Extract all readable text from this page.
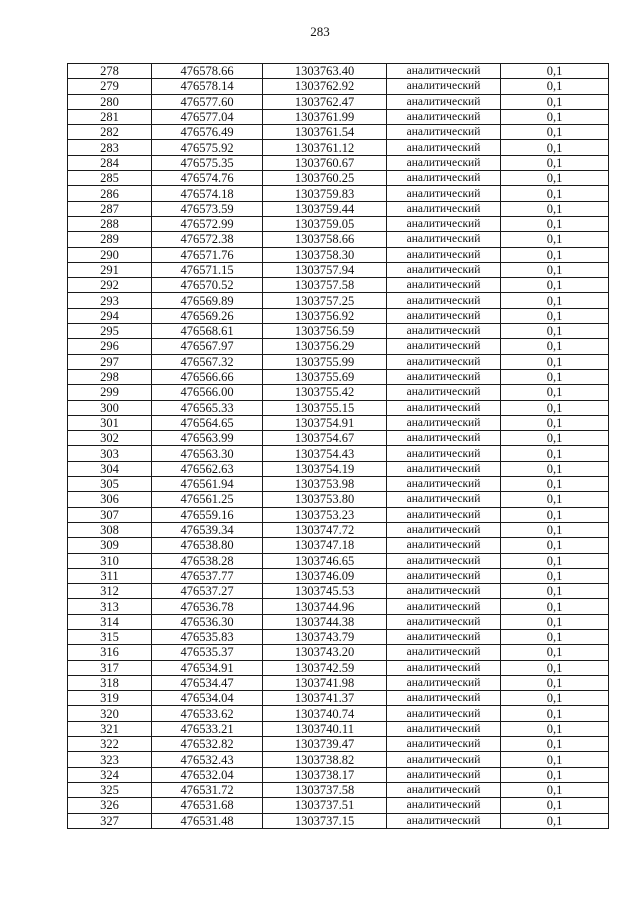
283
278	476578.66	1303763.40	аналитический	0,1
279	476578.14	1303762.92	аналитический	0,1
280	476577.60	1303762.47	аналитический	0,1
281	476577.04	1303761.99	аналитический	0,1
282	476576.49	1303761.54	аналитический	0,1
283	476575.92	1303761.12	аналитический	0,1
284	476575.35	1303760.67	аналитический	0,1
285	476574.76	1303760.25	аналитический	0,1
286	476574.18	1303759.83	аналитический	0,1
287	476573.59	1303759.44	аналитический	0,1
288	476572.99	1303759.05	аналитический	0,1
289	476572.38	1303758.66	аналитический	0,1
290	476571.76	1303758.30	аналитический	0,1
291	476571.15	1303757.94	аналитический	0,1
292	476570.52	1303757.58	аналитический	0,1
293	476569.89	1303757.25	аналитический	0,1
294	476569.26	1303756.92	аналитический	0,1
295	476568.61	1303756.59	аналитический	0,1
296	476567.97	1303756.29	аналитический	0,1
297	476567.32	1303755.99	аналитический	0,1
298	476566.66	1303755.69	аналитический	0,1
299	476566.00	1303755.42	аналитический	0,1
300	476565.33	1303755.15	аналитический	0,1
301	476564.65	1303754.91	аналитический	0,1
302	476563.99	1303754.67	аналитический	0,1
303	476563.30	1303754.43	аналитический	0,1
304	476562.63	1303754.19	аналитический	0,1
305	476561.94	1303753.98	аналитический	0,1
306	476561.25	1303753.80	аналитический	0,1
307	476559.16	1303753.23	аналитический	0,1
308	476539.34	1303747.72	аналитический	0,1
309	476538.80	1303747.18	аналитический	0,1
310	476538.28	1303746.65	аналитический	0,1
311	476537.77	1303746.09	аналитический	0,1
312	476537.27	1303745.53	аналитический	0,1
313	476536.78	1303744.96	аналитический	0,1
314	476536.30	1303744.38	аналитический	0,1
315	476535.83	1303743.79	аналитический	0,1
316	476535.37	1303743.20	аналитический	0,1
317	476534.91	1303742.59	аналитический	0,1
318	476534.47	1303741.98	аналитический	0,1
319	476534.04	1303741.37	аналитический	0,1
320	476533.62	1303740.74	аналитический	0,1
321	476533.21	1303740.11	аналитический	0,1
322	476532.82	1303739.47	аналитический	0,1
323	476532.43	1303738.82	аналитический	0,1
324	476532.04	1303738.17	аналитический	0,1
325	476531.72	1303737.58	аналитический	0,1
326	476531.68	1303737.51	аналитический	0,1
327	476531.48	1303737.15	аналитический	0,1
